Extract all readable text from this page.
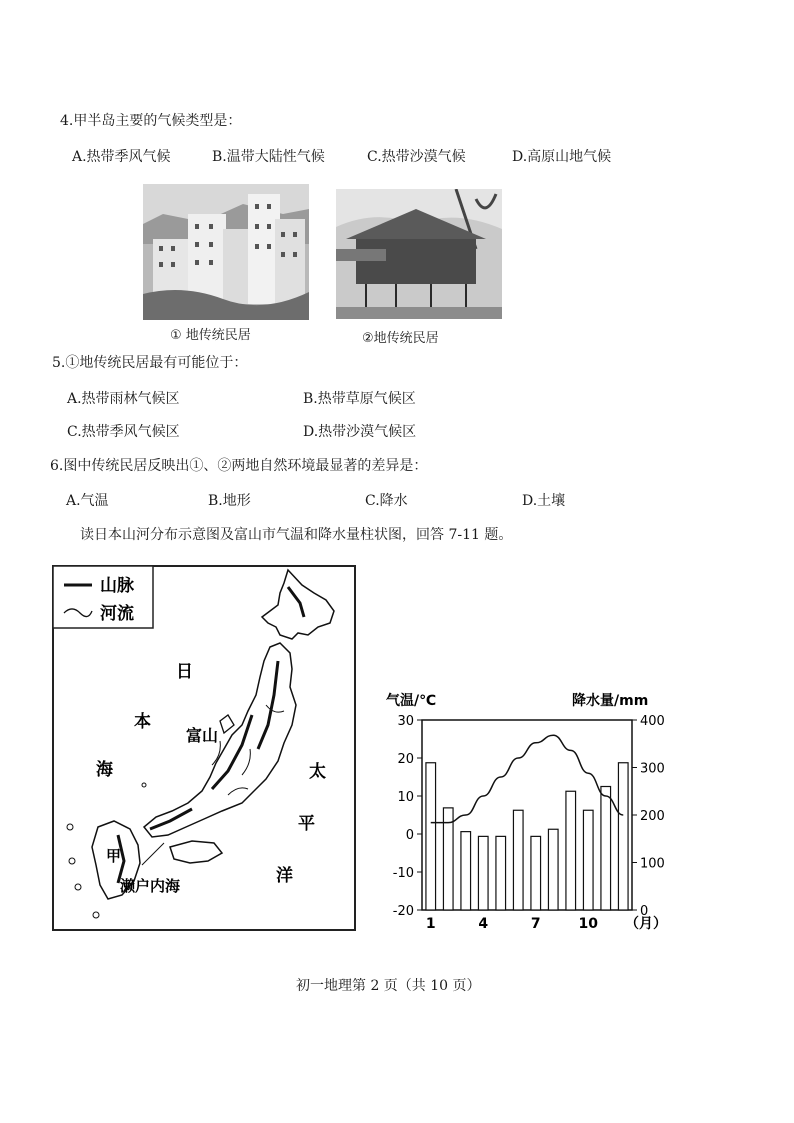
4.甲半岛主要的气候类型是：
A.热带季风气候	B.温带大陆性气候	C.热带沙漠气候	D.高原山地气候
① 地传统民居	②地传统民居
5.①地传统民居最有可能位于：
A.热带雨林气候区	B.热带草原气候区
C.热带季风气候区	D.热带沙漠气候区
6.图中传统民居反映出①、②两地自然环境最显著的差异是：
A.气温	B.地形	C.降水	D.土壤
读日本山河分布示意图及富山市气温和降水量柱状图，回答 7-11 题。
山脉
河流
日
本
海
富山
太
平
洋
甲
濑户内海
气温/℃	降水量/mm
30
20
10
0
-10
-20
400
300
200
100
0
1	4	7	10 （月）
初一地理第 2 页（共 10 页）
